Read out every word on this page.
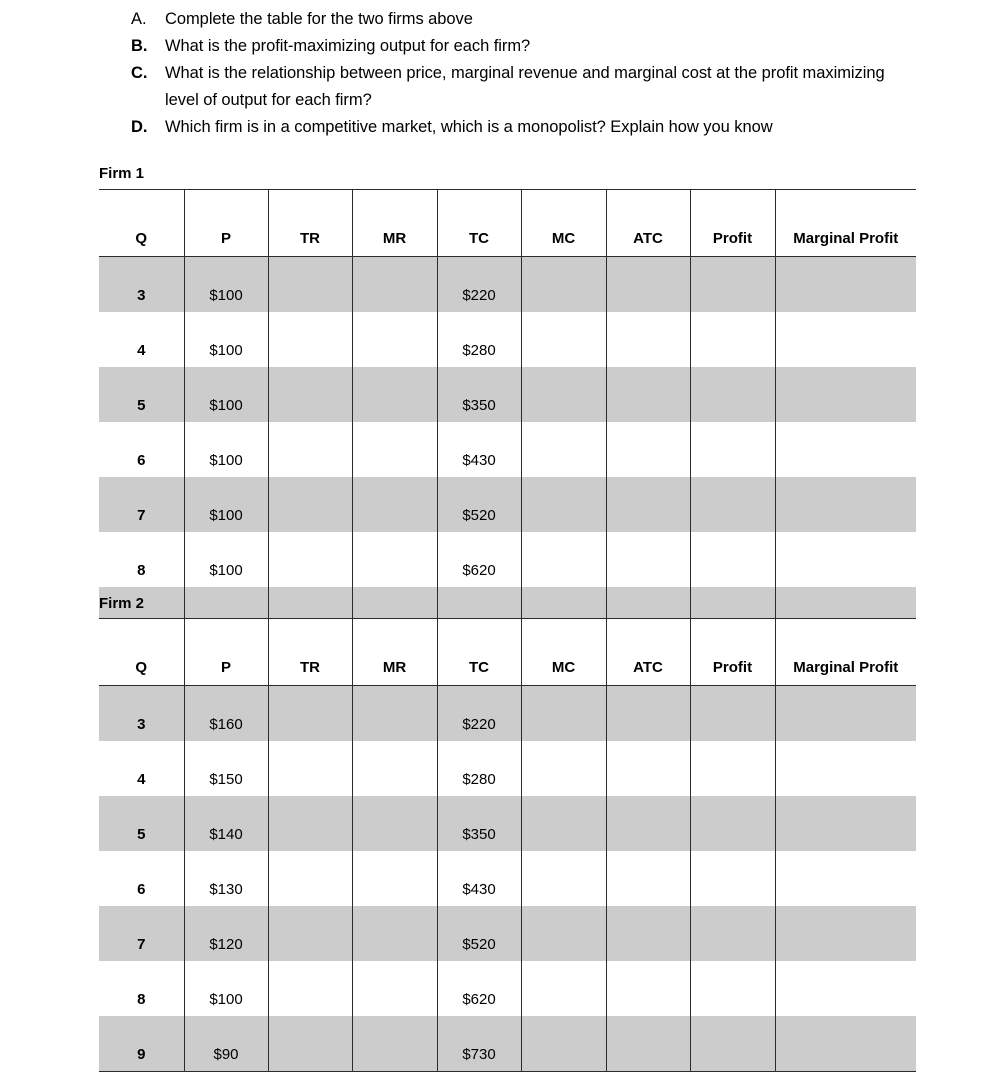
A.	Complete the table for the two firms above
B.	What is the profit-maximizing output for each firm?
C.	What is the relationship between price, marginal revenue and marginal cost at the profit maximizing level of output for each firm?
D.	Which firm is in a competitive market, which is a monopolist? Explain how you know
Firm 1
Q	P	TR	MR	TC	MC	ATC	Profit	Marginal Profit
3	$100			$220				
4	$100			$280				
5	$100			$350				
6	$100			$430				
7	$100			$520				
8	$100			$620				

Firm 2
Q	P	TR	MR	TC	MC	ATC	Profit	Marginal Profit
3	$160			$220				
4	$150			$280				
5	$140			$350				
6	$130			$430				
7	$120			$520				
8	$100			$620				
9	$90			$730				
